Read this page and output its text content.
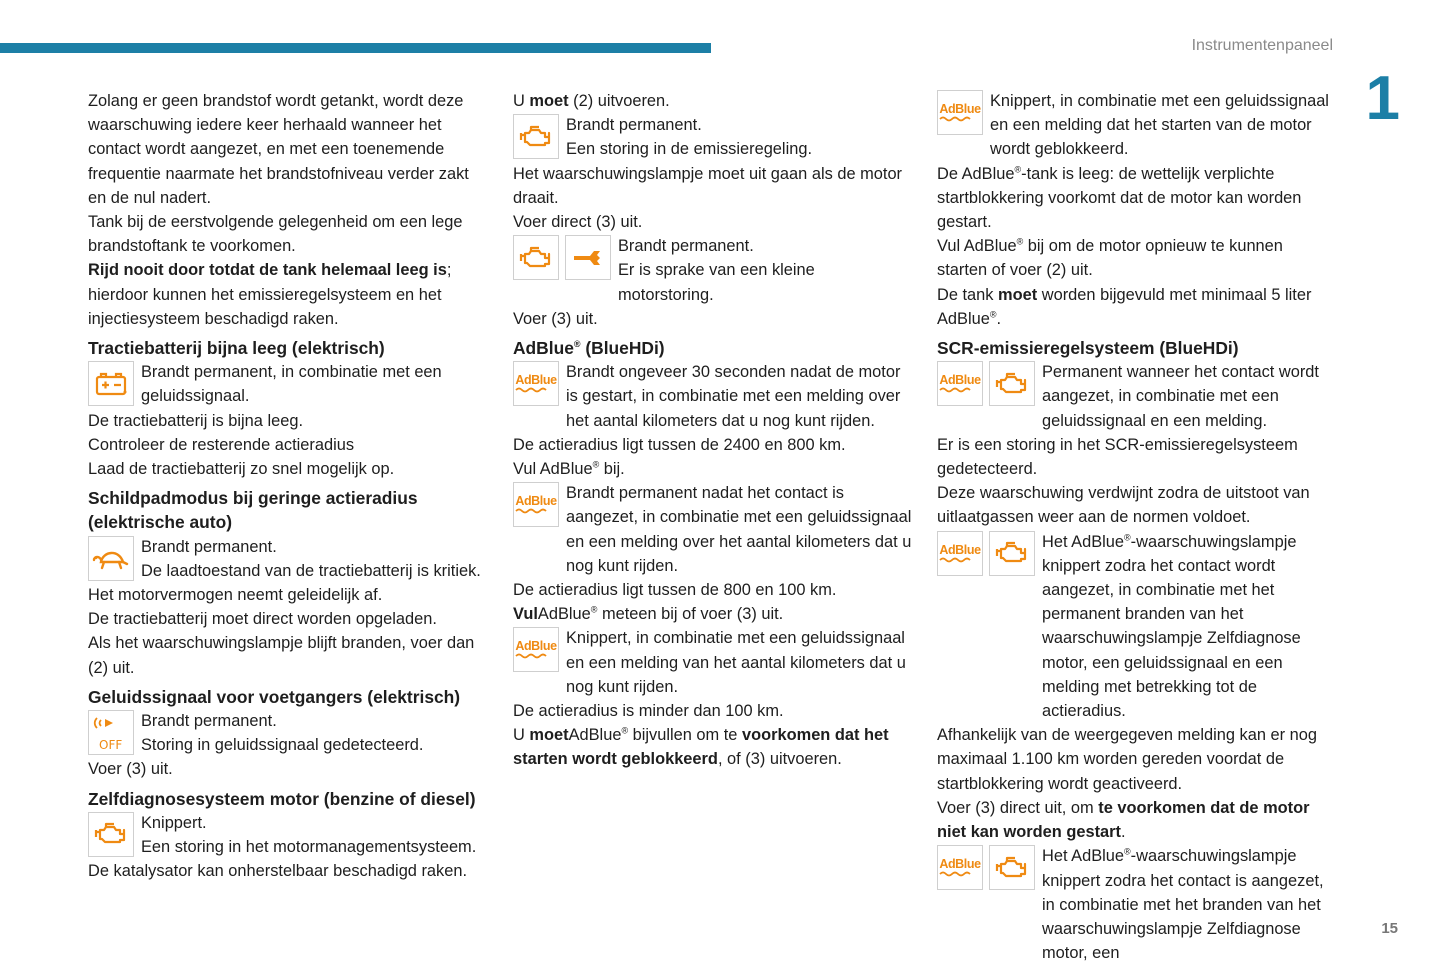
Instrumentenpaneel
1
15

Zolang er geen brandstof wordt getankt, wordt deze waarschuwing iedere keer herhaald wanneer het contact wordt aangezet, en met een toenemende frequentie naarmate het brandstofniveau verder zakt en de nul nadert.

Tank bij de eerstvolgende gelegenheid om een lege brandstoftank te voorkomen.

Rijd nooit door totdat de tank helemaal leeg is; hierdoor kunnen het emissieregelsysteem en het injectiesysteem beschadigd raken.

Tractiebatterij bijna leeg (elektrisch)
Brandt permanent, in combinatie met een geluidssignaal.

De tractiebatterij is bijna leeg.

Controleer de resterende actieradius

Laad de tractiebatterij zo snel mogelijk op.

Schildpadmodus bij geringe actieradius (elektrische auto)
Brandt permanent.
De laadtoestand van de tractiebatterij is kritiek.

Het motorvermogen neemt geleidelijk af.

De tractiebatterij moet direct worden opgeladen.

Als het waarschuwingslampje blijft branden, voer dan (2) uit.

Geluidssignaal voor voetgangers (elektrisch)
OFF
Brandt permanent.
Storing in geluidssignaal gedetecteerd.

Voer (3) uit.

Zelfdiagnosesysteem motor (benzine of diesel)
Knippert.
Een storing in het motormanagementsysteem.

De katalysator kan onherstelbaar beschadigd raken.

U moet (2) uitvoeren.

Brandt permanent.
Een storing in de emissieregeling.

Het waarschuwingslampje moet uit gaan als de motor draait.

Voer direct (3) uit.

Brandt permanent.
Er is sprake van een kleine motorstoring.

Voer (3) uit.

AdBlue® (BlueHDi)
AdBlue Brandt ongeveer 30 seconden nadat de motor is gestart, in combinatie met een melding over het aantal kilometers dat u nog kunt rijden.

De actieradius ligt tussen de 2400 en 800 km.

Vul AdBlue® bij.

AdBlue Brandt permanent nadat het contact is aangezet, in combinatie met een geluidssignaal en een melding over het aantal kilometers dat u nog kunt rijden.

De actieradius ligt tussen de 800 en 100 km.

VulAdBlue® meteen bij of voer (3) uit.

AdBlue Knippert, in combinatie met een geluidssignaal en een melding van het aantal kilometers dat u nog kunt rijden.

De actieradius is minder dan 100 km.

U moetAdBlue® bijvullen om te voorkomen dat het starten wordt geblokkeerd, of (3) uitvoeren.

AdBlue Knippert, in combinatie met een geluidssignaal en een melding dat het starten van de motor wordt geblokkeerd.

De AdBlue®-tank is leeg: de wettelijk verplichte startblokkering voorkomt dat de motor kan worden gestart.

Vul AdBlue® bij om de motor opnieuw te kunnen starten of voer (2) uit.

De tank moet worden bijgevuld met minimaal 5 liter AdBlue®.

SCR-emissieregelsysteem (BlueHDi)
AdBlue	Permanent wanneer het contact wordt aangezet, in combinatie met een geluidssignaal en een melding.

Er is een storing in het SCR-emissieregelsysteem gedetecteerd.

Deze waarschuwing verdwijnt zodra de uitstoot van uitlaatgassen weer aan de normen voldoet.

AdBlue	Het AdBlue®-waarschuwingslampje knippert zodra het contact wordt aangezet, in combinatie met het permanent branden van het waarschuwingslampje Zelfdiagnose motor, een geluidssignaal en een melding met betrekking tot de actieradius.

Afhankelijk van de weergegeven melding kan er nog maximaal 1.100 km worden gereden voordat de startblokkering wordt geactiveerd.

Voer (3) direct uit, om te voorkomen dat de motor niet kan worden gestart.

AdBlue	Het AdBlue®-waarschuwingslampje knippert zodra het contact is aangezet, in combinatie met het branden van het waarschuwingslampje Zelfdiagnose motor, een
